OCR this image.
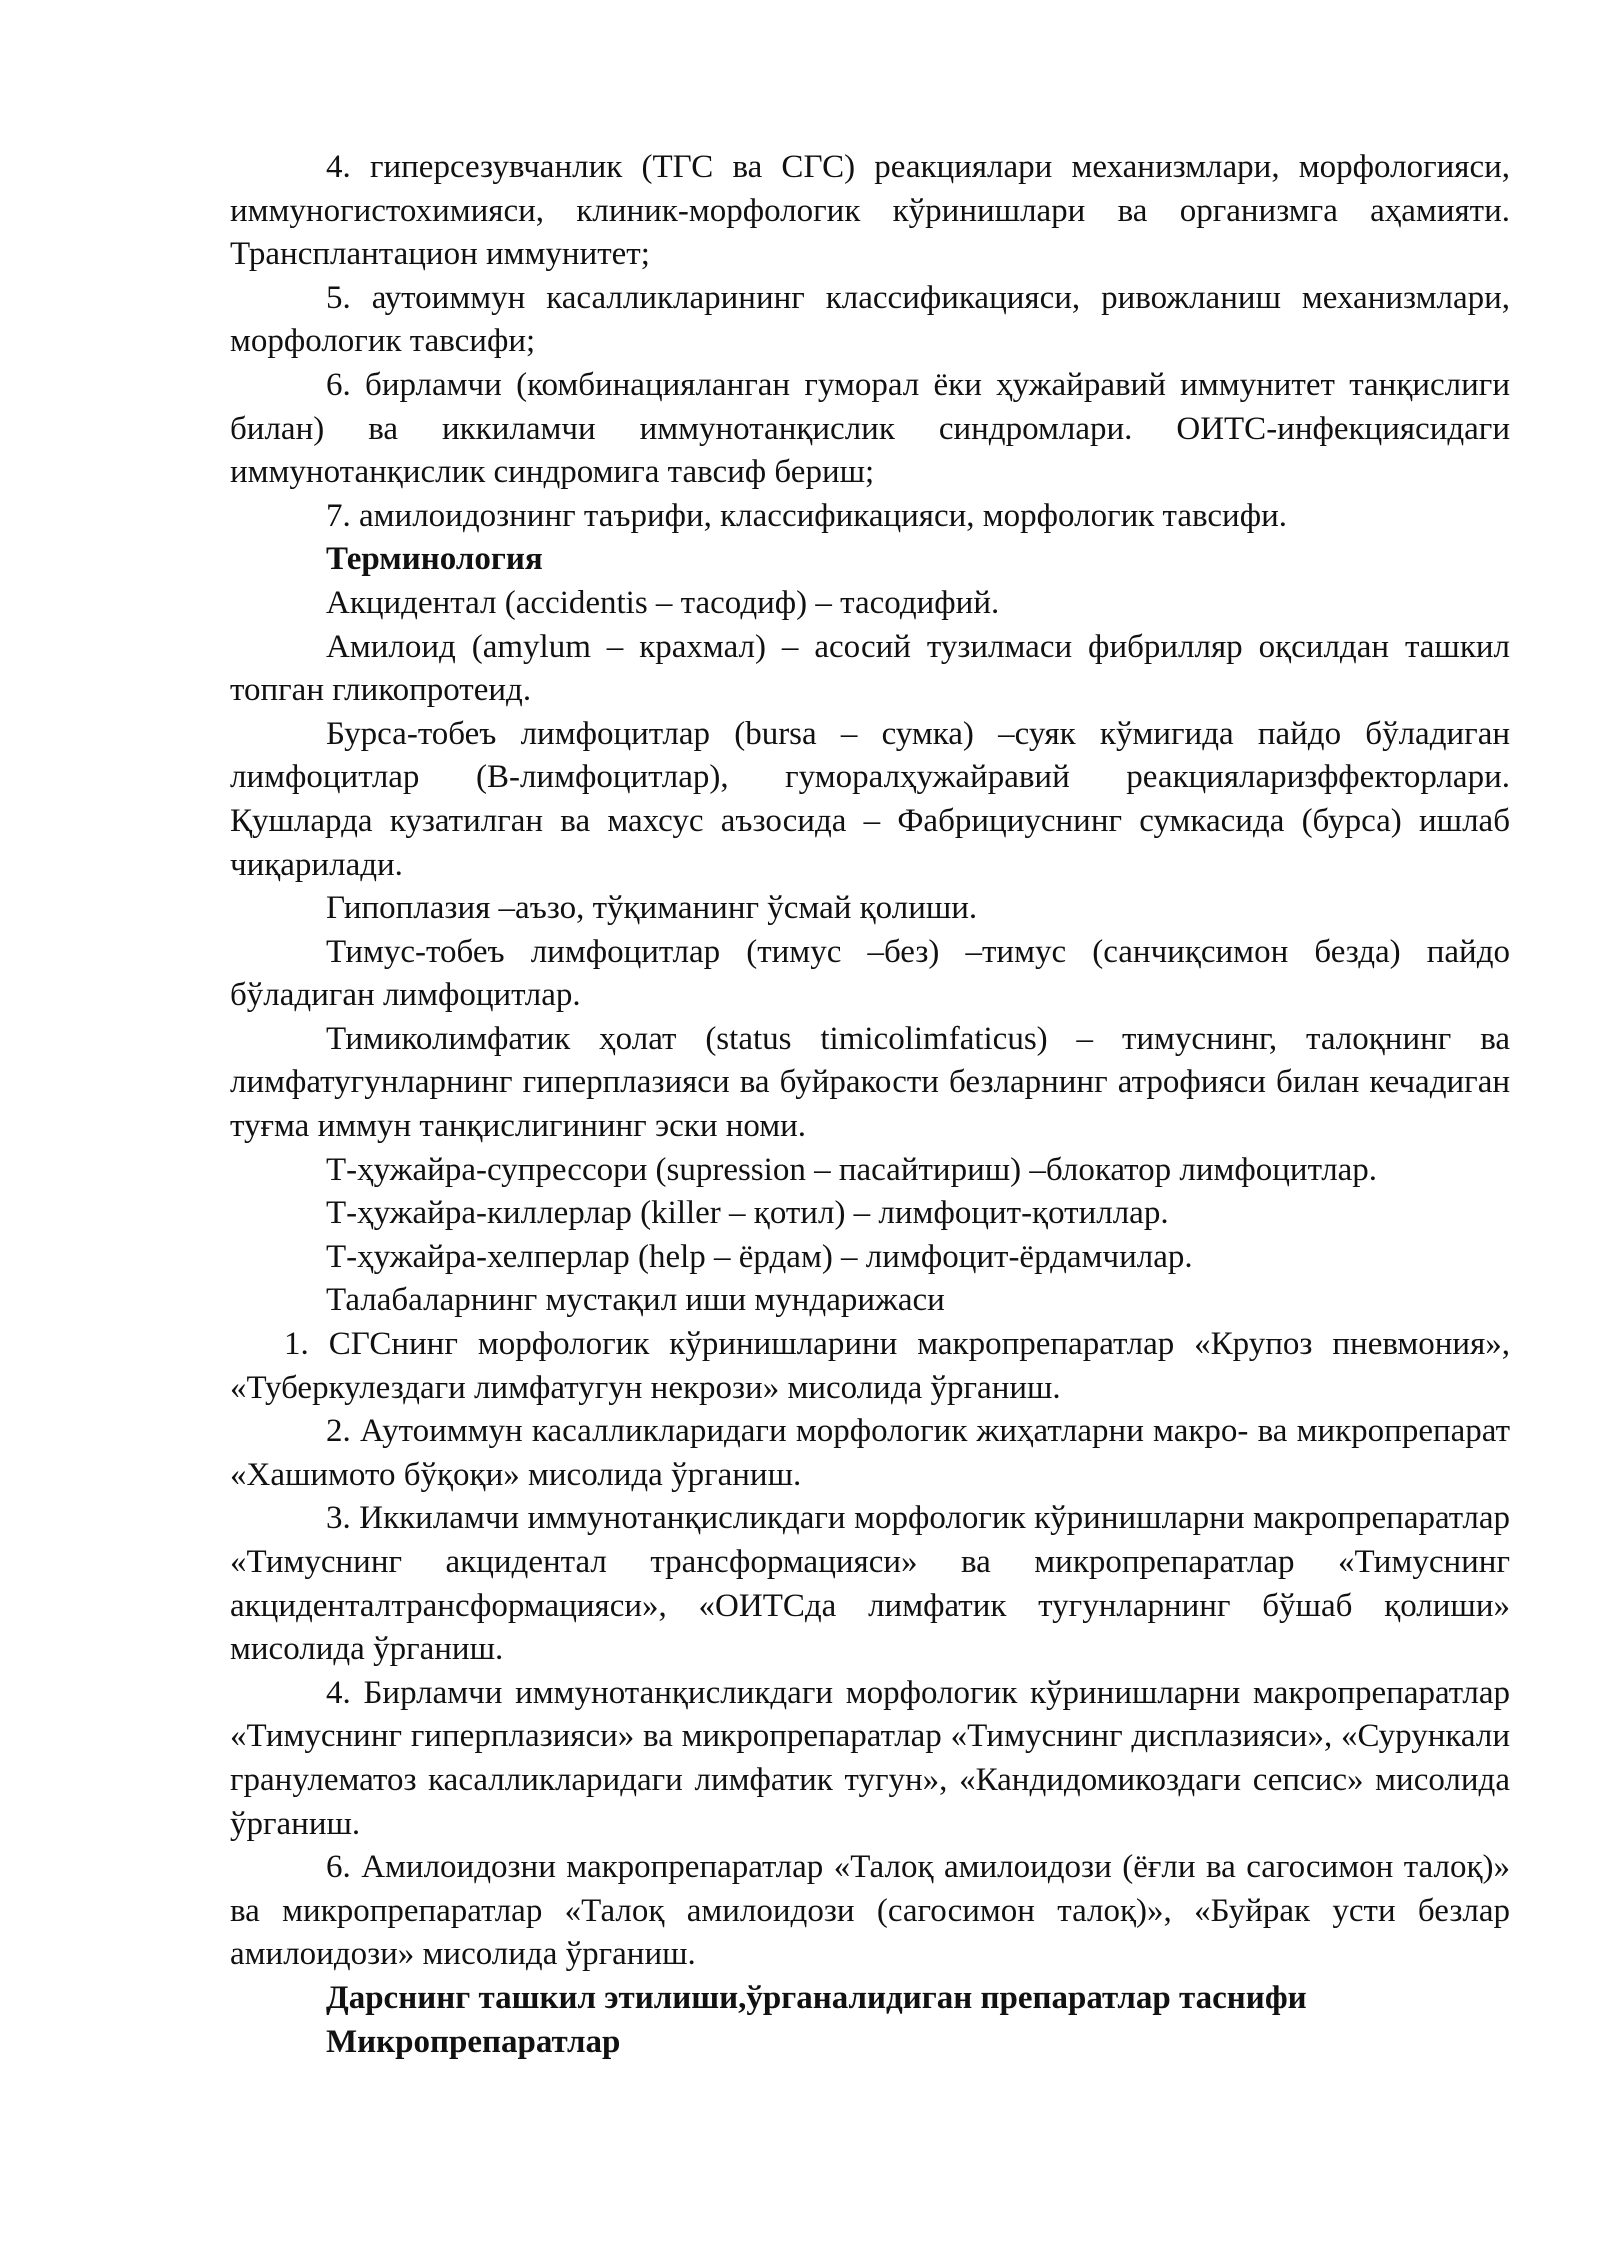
4. гиперсезувчанлик (ТГС ва СГС) реакциялари механизмлари, морфологияси, иммуногистохимияси, клиник-морфологик кўринишлари ва организмга аҳамияти. Трансплантацион иммунитет;

5. аутоиммун касалликларининг классификацияси, ривожланиш механизмлари, морфологик тавсифи;

6. бирламчи (комбинацияланган гуморал ёки ҳужайравий иммунитет танқислиги билан) ва иккиламчи иммунотанқислик синдромлари. ОИТС-инфекциясидаги иммунотанқислик синдромига тавсиф бериш;

7. амилоидознинг таърифи, классификацияси, морфологик тавсифи.

Терминология

Акцидентал (accidentis – тасодиф) – тасодифий.

Амилоид (amylum – крахмал) – асосий тузилмаси фибрилляр оқсилдан ташкил топган гликопротеид.

Бурса-тобеъ лимфоцитлар (bursa – сумка) –суяк кўмигида пайдо бўладиган лимфоцитлар (В-лимфоцитлар), гуморалҳужайравий реакцияларизффекторлари. Қушларда кузатилган ва махсус аъзосида – Фабрициуснинг сумкасида (бурса) ишлаб чиқарилади.

Гипоплазия –аъзо, тўқиманинг ўсмай қолиши.

Тимус-тобеъ лимфоцитлар (тимус –без) –тимус (санчиқсимон безда) пайдо бўладиган лимфоцитлар.

Тимиколимфатик ҳолат (status timicolimfaticus) – тимуснинг, талоқнинг ва лимфатугунларнинг гиперплазияси ва буйракости безларнинг атрофияси билан кечадиган туғма иммун танқислигининг эски номи.

Т-ҳужайра-супрессори (supression – пасайтириш) –блокатор лимфоцитлар.

Т-ҳужайра-киллерлар (killer – қотил) – лимфоцит-қотиллар.

Т-ҳужайра-хелперлар (help – ёрдам) – лимфоцит-ёрдамчилар.

Талабаларнинг мустақил иши мундарижаси

1. СГСнинг морфологик кўринишларини макропрепаратлар «Крупоз пневмония», «Туберкулездаги лимфатугун некрози» мисолида ўрганиш.

2. Аутоиммун касалликларидаги морфологик жиҳатларни макро- ва микропрепарат «Хашимото бўқоқи» мисолида ўрганиш.

3. Иккиламчи иммунотанқисликдаги морфологик кўринишларни макропрепаратлар «Тимуснинг акцидентал трансформацияси» ва микропрепаратлар «Тимуснинг акциденталтрансформацияси», «ОИТСда лимфатик тугунларнинг бўшаб қолиши» мисолида ўрганиш.

4. Бирламчи иммунотанқисликдаги морфологик кўринишларни макропрепаратлар «Тимуснинг гиперплазияси» ва микропрепаратлар «Тимуснинг дисплазияси», «Сурункали гранулематоз касалликларидаги лимфатик тугун», «Кандидомикоздаги сепсис» мисолида ўрганиш.

6. Амилоидозни макропрепаратлар «Талоқ амилоидози (ёғли ва сагосимон талоқ)» ва микропрепаратлар «Талоқ амилоидози (сагосимон талоқ)», «Буйрак усти безлар амилоидози» мисолида ўрганиш.

Дарснинг ташкил этилиши,ўрганалидиган препаратлар таснифи

Микропрепаратлар
